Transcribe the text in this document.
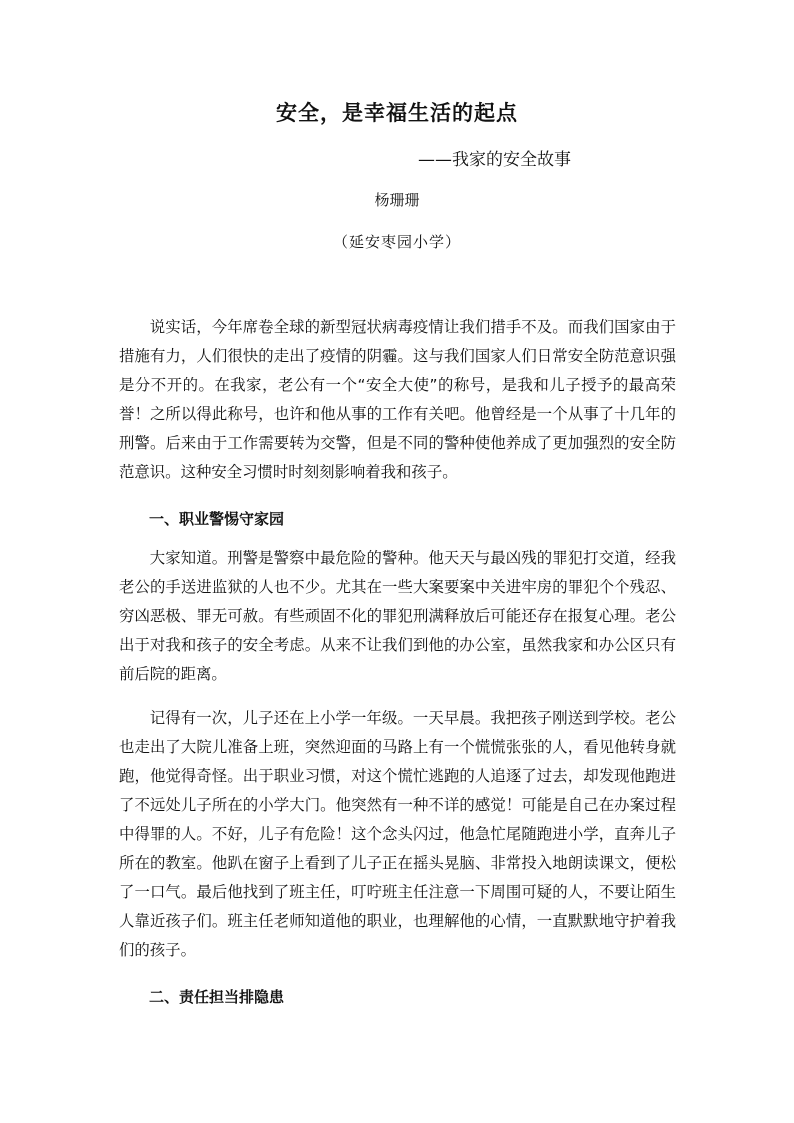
安全，是幸福生活的起点
——我家的安全故事
杨珊珊
（延安枣园小学）

说实话，今年席卷全球的新型冠状病毒疫情让我们措手不及。而我们国家由于措施有力，人们很快的走出了疫情的阴霾。这与我们国家人们日常安全防范意识强是分不开的。在我家，老公有一个“安全大使”的称号，是我和儿子授予的最高荣誉！之所以得此称号，也许和他从事的工作有关吧。他曾经是一个从事了十几年的刑警。后来由于工作需要转为交警，但是不同的警种使他养成了更加强烈的安全防范意识。这种安全习惯时时刻刻影响着我和孩子。

一、职业警惕守家园

大家知道。刑警是警察中最危险的警种。他天天与最凶残的罪犯打交道，经我老公的手送进监狱的人也不少。尤其在一些大案要案中关进牢房的罪犯个个残忍、穷凶恶极、罪无可赦。有些顽固不化的罪犯刑满释放后可能还存在报复心理。老公出于对我和孩子的安全考虑。从来不让我们到他的办公室，虽然我家和办公区只有前后院的距离。

记得有一次，儿子还在上小学一年级。一天早晨。我把孩子刚送到学校。老公也走出了大院儿准备上班，突然迎面的马路上有一个慌慌张张的人，看见他转身就跑，他觉得奇怪。出于职业习惯，对这个慌忙逃跑的人追逐了过去，却发现他跑进了不远处儿子所在的小学大门。他突然有一种不详的感觉！可能是自己在办案过程中得罪的人。不好，儿子有危险！这个念头闪过，他急忙尾随跑进小学，直奔儿子所在的教室。他趴在窗子上看到了儿子正在摇头晃脑、非常投入地朗读课文，便松了一口气。最后他找到了班主任，叮咛班主任注意一下周围可疑的人，不要让陌生人靠近孩子们。班主任老师知道他的职业，也理解他的心情，一直默默地守护着我们的孩子。

二、责任担当排隐患
